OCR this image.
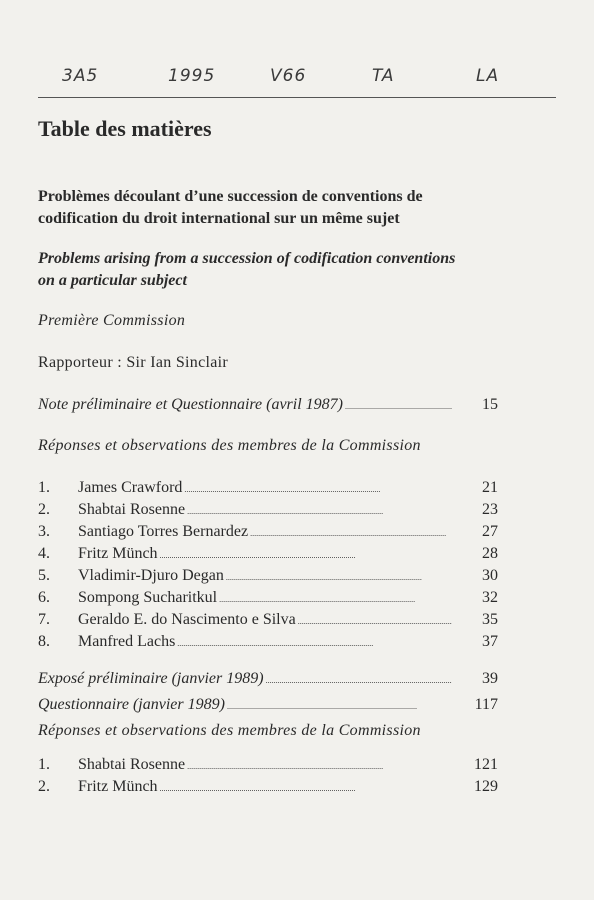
3A5	1995	V66	TA	LA
Table des matières
Problèmes découlant d’une succession de conventions de codification du droit international sur un même sujet
Problems arising from a succession of codification conventions on a particular subject
Première Commission
Rapporteur : Sir Ian Sinclair
Note préliminaire et Questionnaire (avril 1987) . . .	15
Réponses et observations des membres de la Commission
1.	James Crawford . . .	21
2.	Shabtai Rosenne . . .	23
3.	Santiago Torres Bernardez . . .	27
4.	Fritz Münch . . .	28
5.	Vladimir-Djuro Degan . . .	30
6.	Sompong Sucharitkul . . .	32
7.	Geraldo E. do Nascimento e Silva . . .	35
8.	Manfred Lachs . . .	37
Exposé préliminaire (janvier 1989) . . .	39
Questionnaire (janvier 1989) . . .	117
Réponses et observations des membres de la Commission
1.	Shabtai Rosenne . . .	121
2.	Fritz Münch . . .	129
